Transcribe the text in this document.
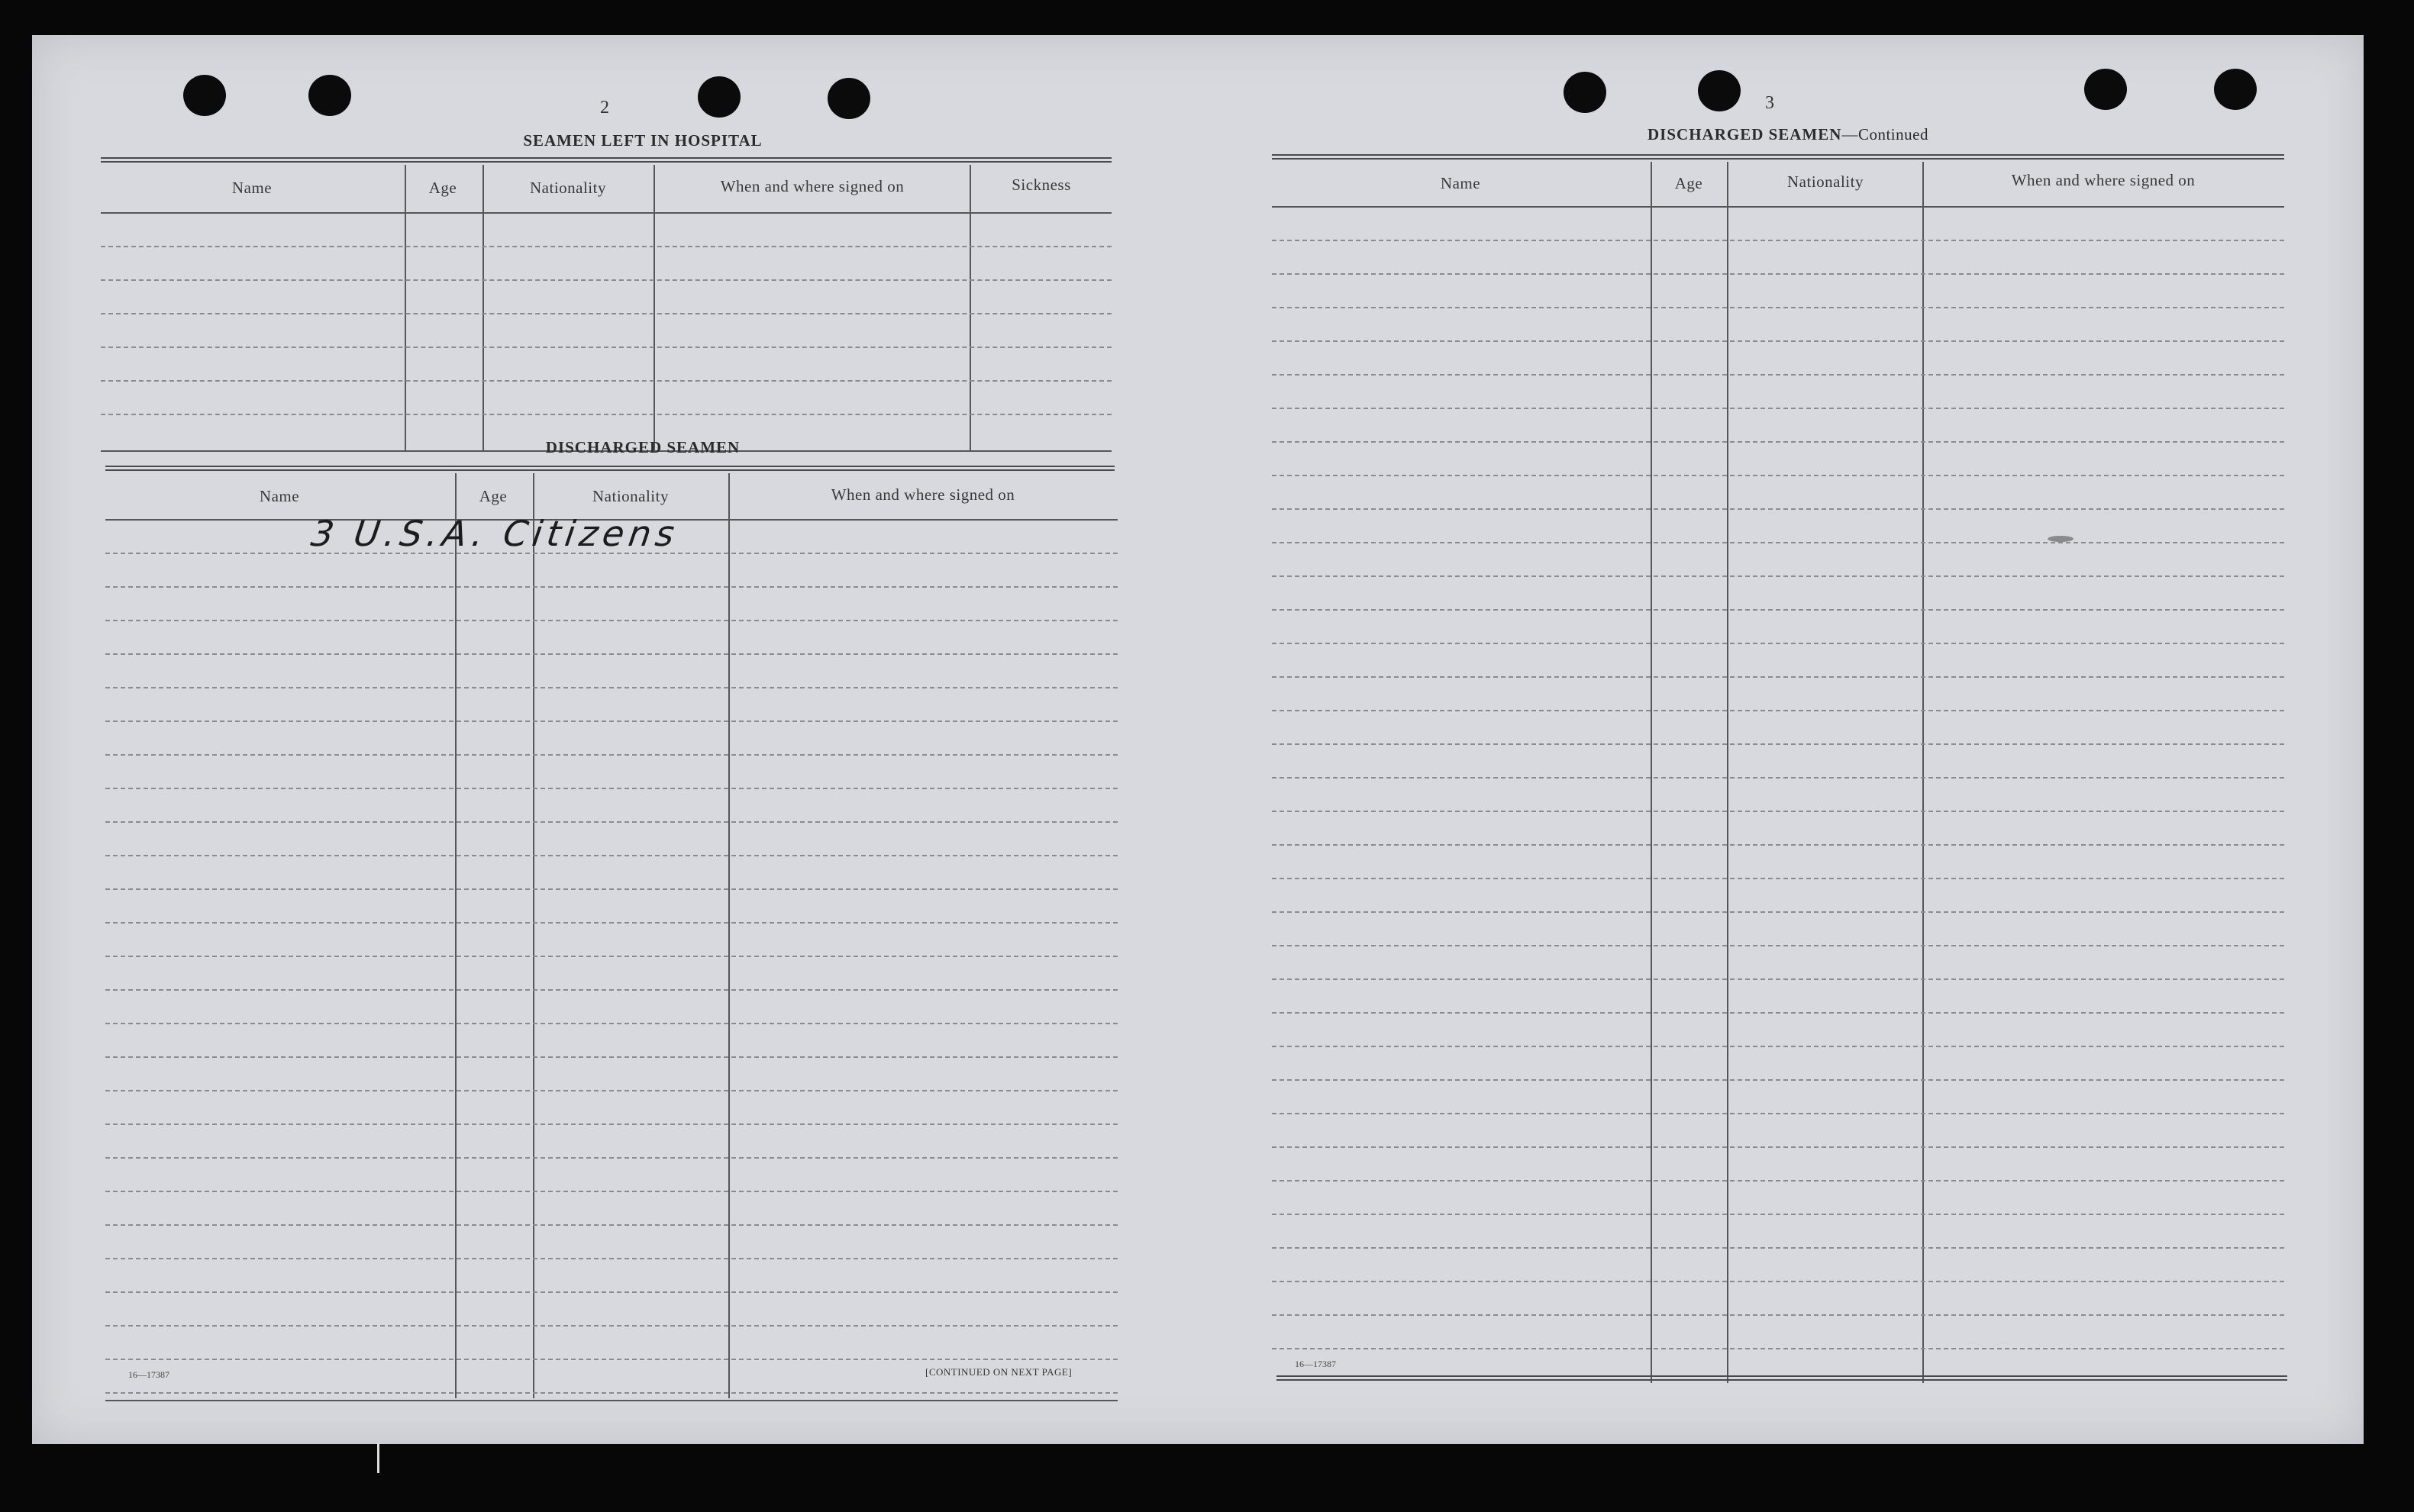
2
SEAMEN LEFT IN HOSPITAL
Name	Age	Nationality	When and where signed on	Sickness
DISCHARGED SEAMEN
Name	Age	Nationality	When and where signed on
3 U.S.A. Citizens
16—17387	[CONTINUED ON NEXT PAGE]
3
DISCHARGED SEAMEN—Continued
Name	Age	Nationality	When and where signed on
16—17387
